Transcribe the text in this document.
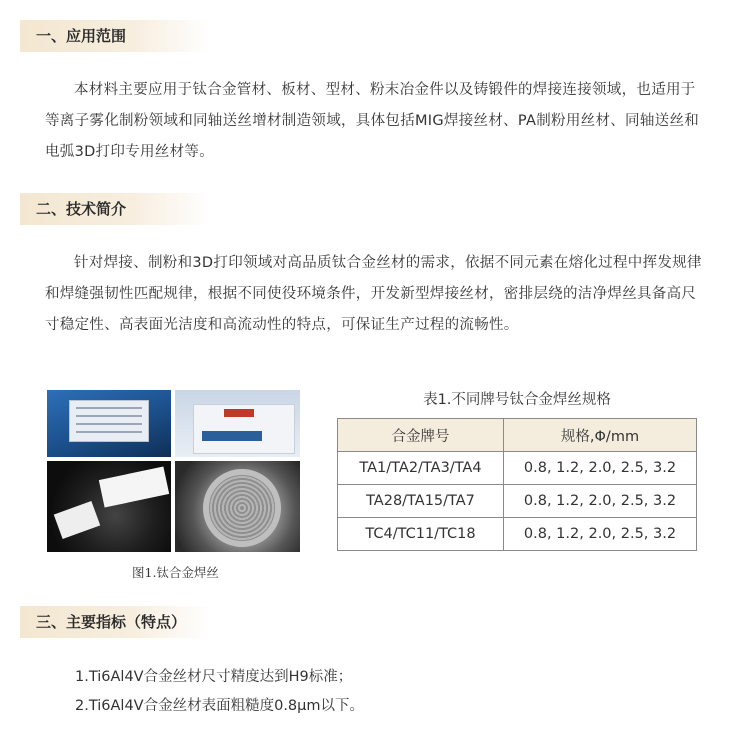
一、应用范围

本材料主要应用于钛合金管材、板材、型材、粉末冶金件以及铸锻件的焊接连接领域，也适用于等离子雾化制粉领域和同轴送丝增材制造领域，具体包括MIG焊接丝材、PA制粉用丝材、同轴送丝和电弧3D打印专用丝材等。

二、技术简介

针对焊接、制粉和3D打印领域对高品质钛合金丝材的需求，依据不同元素在熔化过程中挥发规律和焊缝强韧性匹配规律，根据不同使役环境条件，开发新型焊接丝材，密排层绕的洁净焊丝具备高尺寸稳定性、高表面光洁度和高流动性的特点，可保证生产过程的流畅性。

图1.钛合金焊丝
表1.不同牌号钛合金焊丝规格
合金牌号	规格,Φ/mm
TA1/TA2/TA3/TA4	0.8, 1.2, 2.0, 2.5, 3.2
TA28/TA15/TA7	0.8, 1.2, 2.0, 2.5, 3.2
TC4/TC11/TC18	0.8, 1.2, 2.0, 2.5, 3.2
三、主要指标（特点）
1.Ti6Al4V合金丝材尺寸精度达到H9标准；
2.Ti6Al4V合金丝材表面粗糙度0.8μm以下。
